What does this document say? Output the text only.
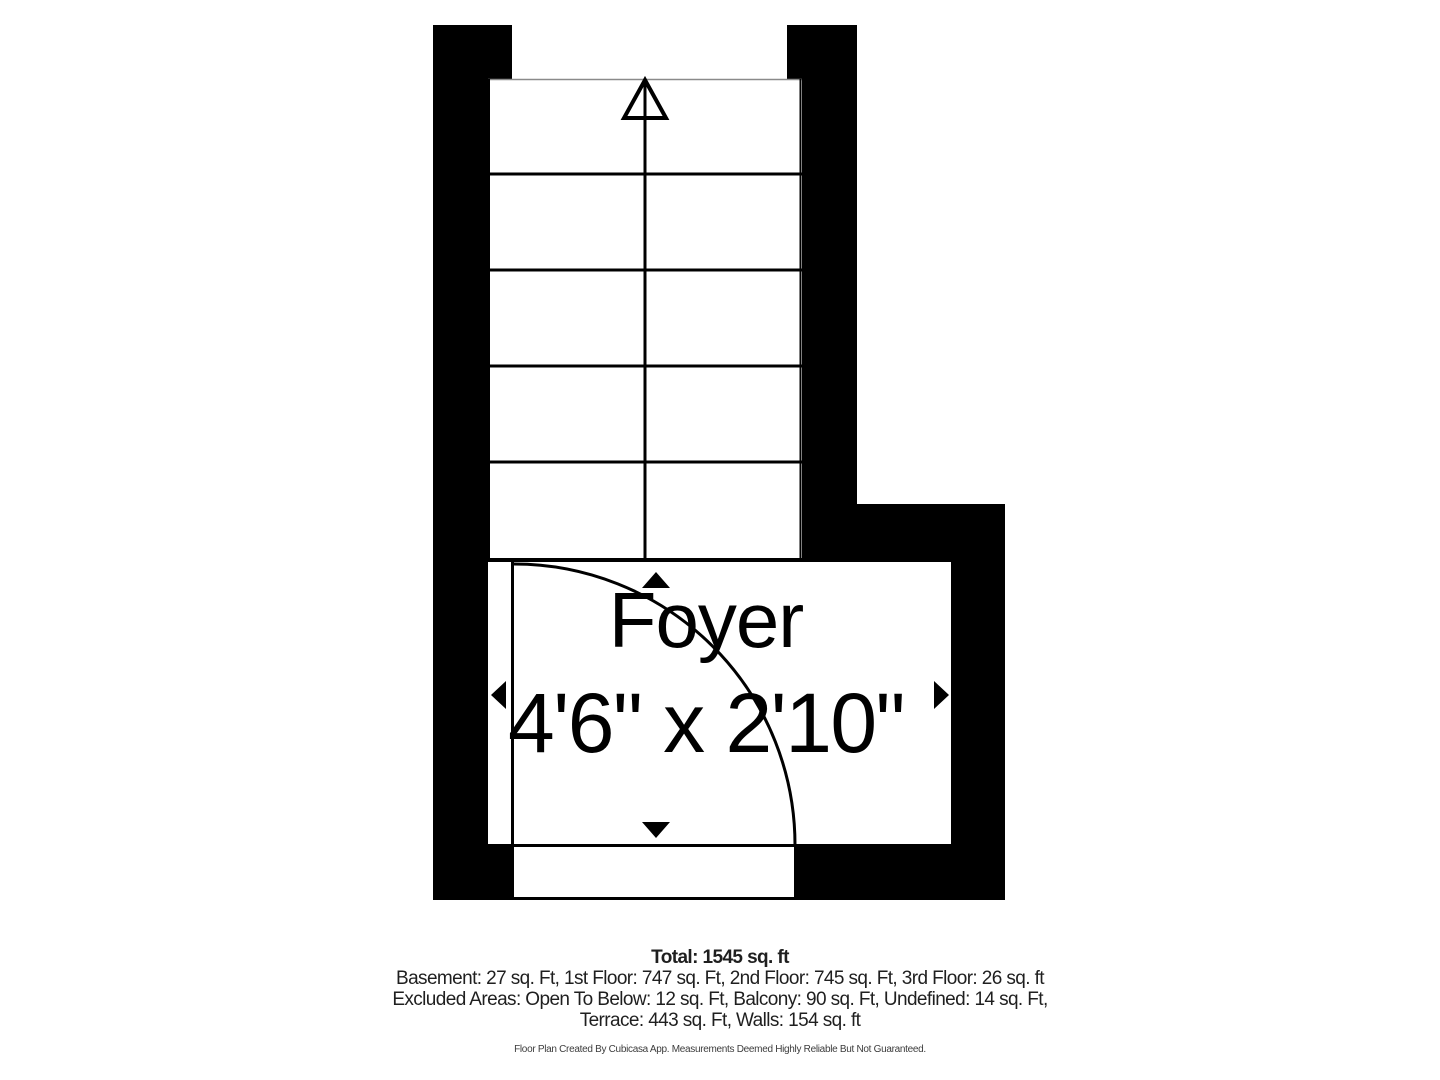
Foyer
4'6" x 2'10"
Total: 1545 sq. ft
Basement: 27 sq. Ft, 1st Floor: 747 sq. Ft, 2nd Floor: 745 sq. Ft, 3rd Floor: 26 sq. ft
Excluded Areas: Open To Below: 12 sq. Ft, Balcony: 90 sq. Ft, Undefined: 14 sq. Ft,
Terrace: 443 sq. Ft, Walls: 154 sq. ft
Floor Plan Created By Cubicasa App. Measurements Deemed Highly Reliable But Not Guaranteed.
